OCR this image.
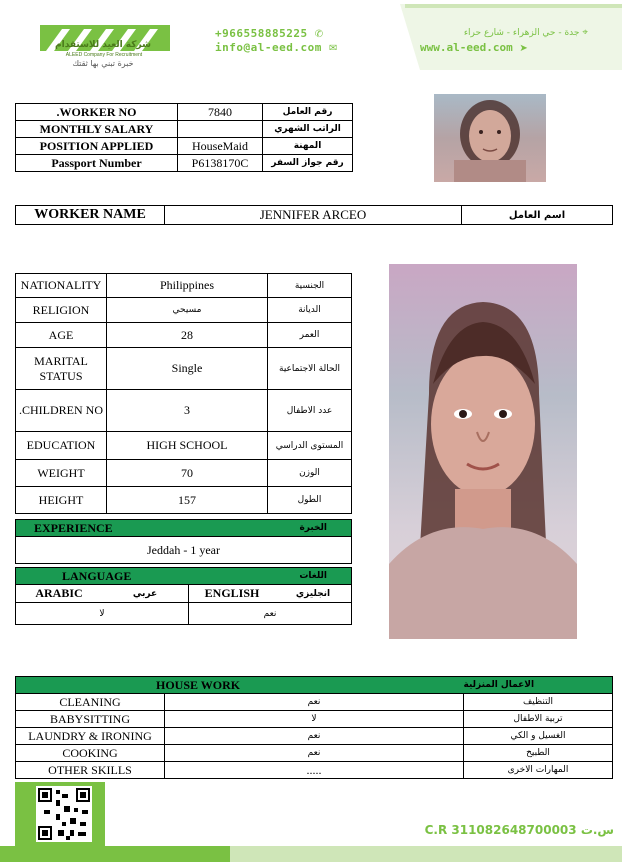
شركة العيد للاستقدام
ALEED Company For Recruitment
خبرة تبني بها ثقتك
+966558885225 ✆
info@al-eed.com ✉
جدة - حي الزهراء - شارع حراء ⌖
www.al-eed.com ➤
.WORKER NO	7840	رقم العامل
MONTHLY SALARY		الراتب الشهري
POSITION APPLIED	HouseMaid	المهنة
Passport Number	P6138170C	رقم جواز السفر
WORKER NAME	JENNIFER ARCEO	اسم العامل
NATIONALITY	Philippines	الجنسية
RELIGION	مسيحي	الديانة
AGE	28	العمر
MARITAL STATUS	Single	الحالة الاجتماعية
.CHILDREN NO	3	عدد الاطفال
EDUCATION	HIGH SCHOOL	المستوى الدراسي
WEIGHT	70	الوزن
HEIGHT	157	الطول
EXPERIENCE	الخبرة
Jeddah - 1 year
LANGUAGE		اللغات	
ARABIC	عربي	ENGLISH	انجليزي
لا		نعم	
HOUSE WORK		الاعمال المنزلية
CLEANING	نعم	التنظيف
BABYSITTING	لا	تربية الاطفال
LAUNDRY & IRONING	نعم	الغسيل و الكي
COOKING	نعم	الطبيخ
OTHER SKILLS	.....	المهارات الاخرى
C.R 311082648700003 س.ت
